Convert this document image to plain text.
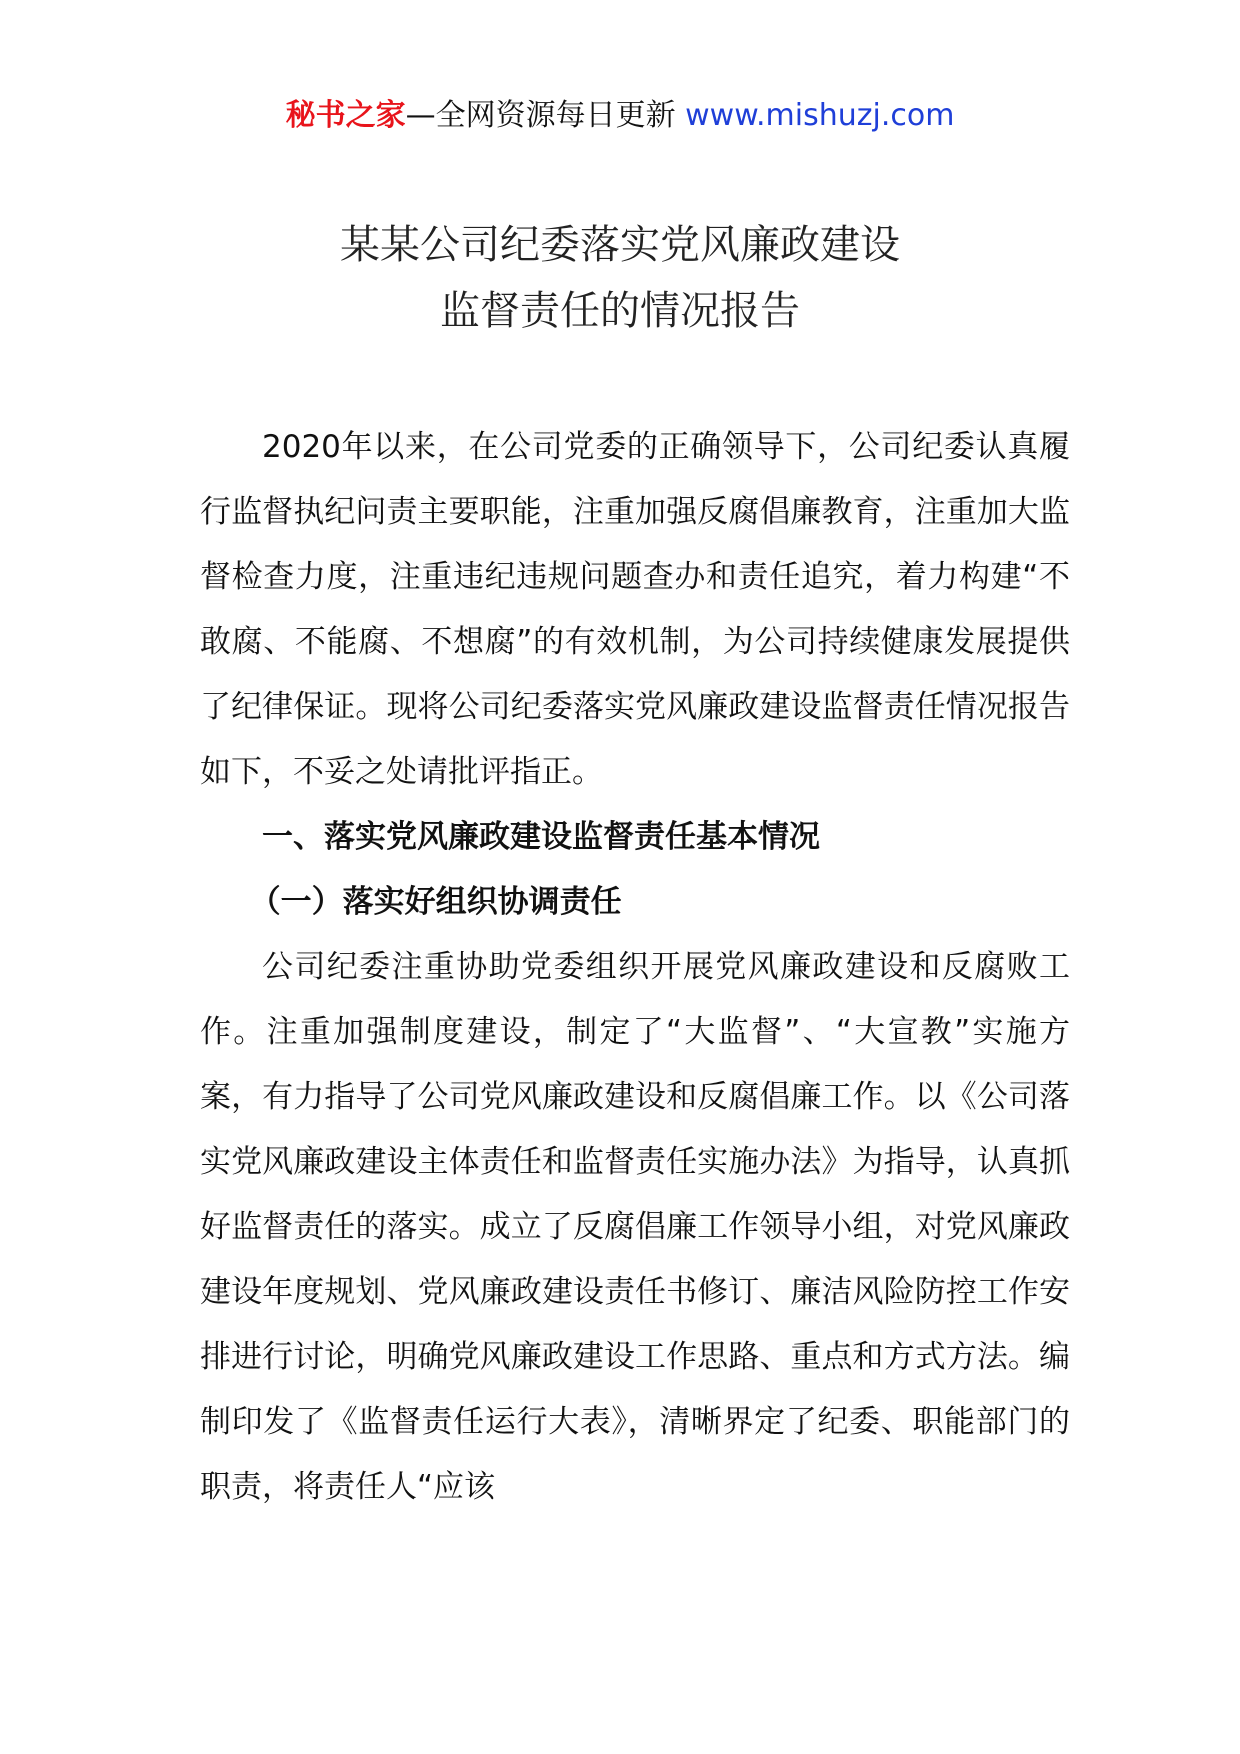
秘书之家—全网资源每日更新 www.mishuzj.com
某某公司纪委落实党风廉政建设
监督责任的情况报告

2020年以来，在公司党委的正确领导下，公司纪委认真履行监督执纪问责主要职能，注重加强反腐倡廉教育，注重加大监督检查力度，注重违纪违规问题查办和责任追究，着力构建“不敢腐、不能腐、不想腐”的有效机制，为公司持续健康发展提供了纪律保证。现将公司纪委落实党风廉政建设监督责任情况报告如下，不妥之处请批评指正。

一、落实党风廉政建设监督责任基本情况

（一）落实好组织协调责任

公司纪委注重协助党委组织开展党风廉政建设和反腐败工作。注重加强制度建设，制定了“大监督”、“大宣教”实施方案，有力指导了公司党风廉政建设和反腐倡廉工作。以《公司落实党风廉政建设主体责任和监督责任实施办法》为指导，认真抓好监督责任的落实。成立了反腐倡廉工作领导小组，对党风廉政建设年度规划、党风廉政建设责任书修订、廉洁风险防控工作安排进行讨论，明确党风廉政建设工作思路、重点和方式方法。编制印发了《监督责任运行大表》，清晰界定了纪委、职能部门的职责，将责任人“应该
